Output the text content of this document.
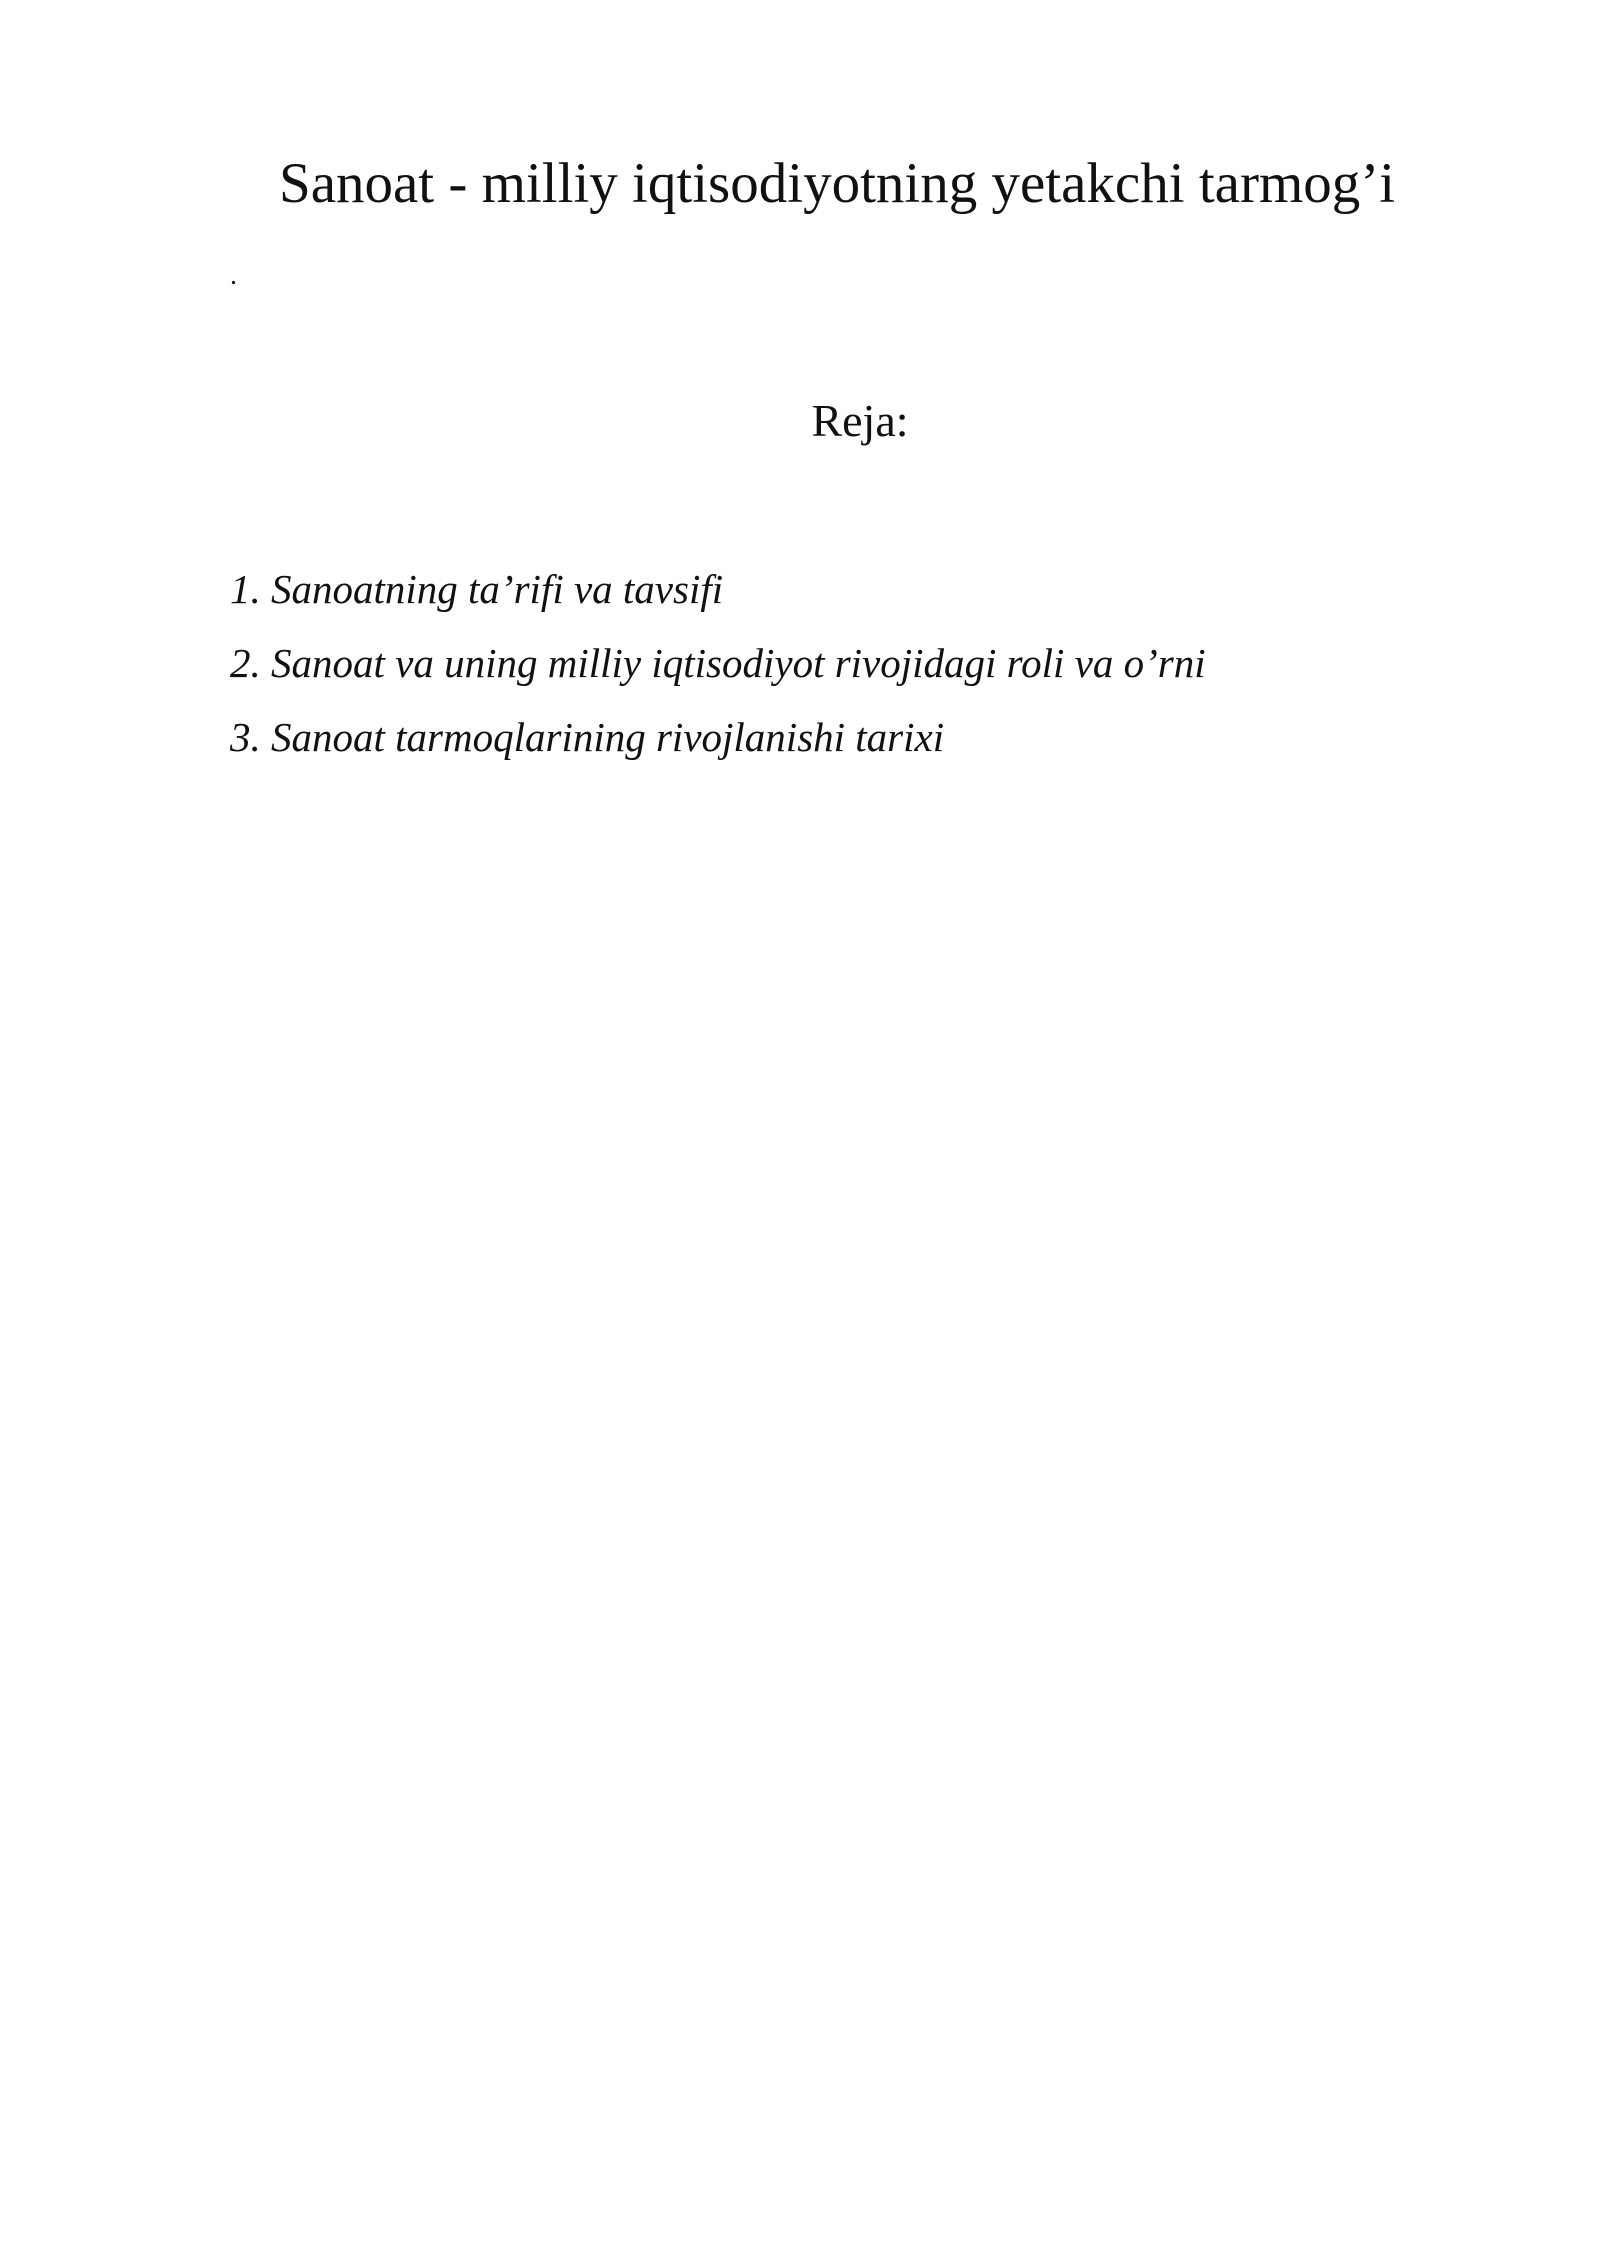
Sanoat - milliy iqtisodiyotning yetakchi tarmog’i
.
Reja:
1. Sanoatning ta’rifi va tavsifi
2. Sanoat va uning milliy iqtisodiyot rivojidagi roli va o’rni
3. Sanoat tarmoqlarining rivojlanishi tarixi
